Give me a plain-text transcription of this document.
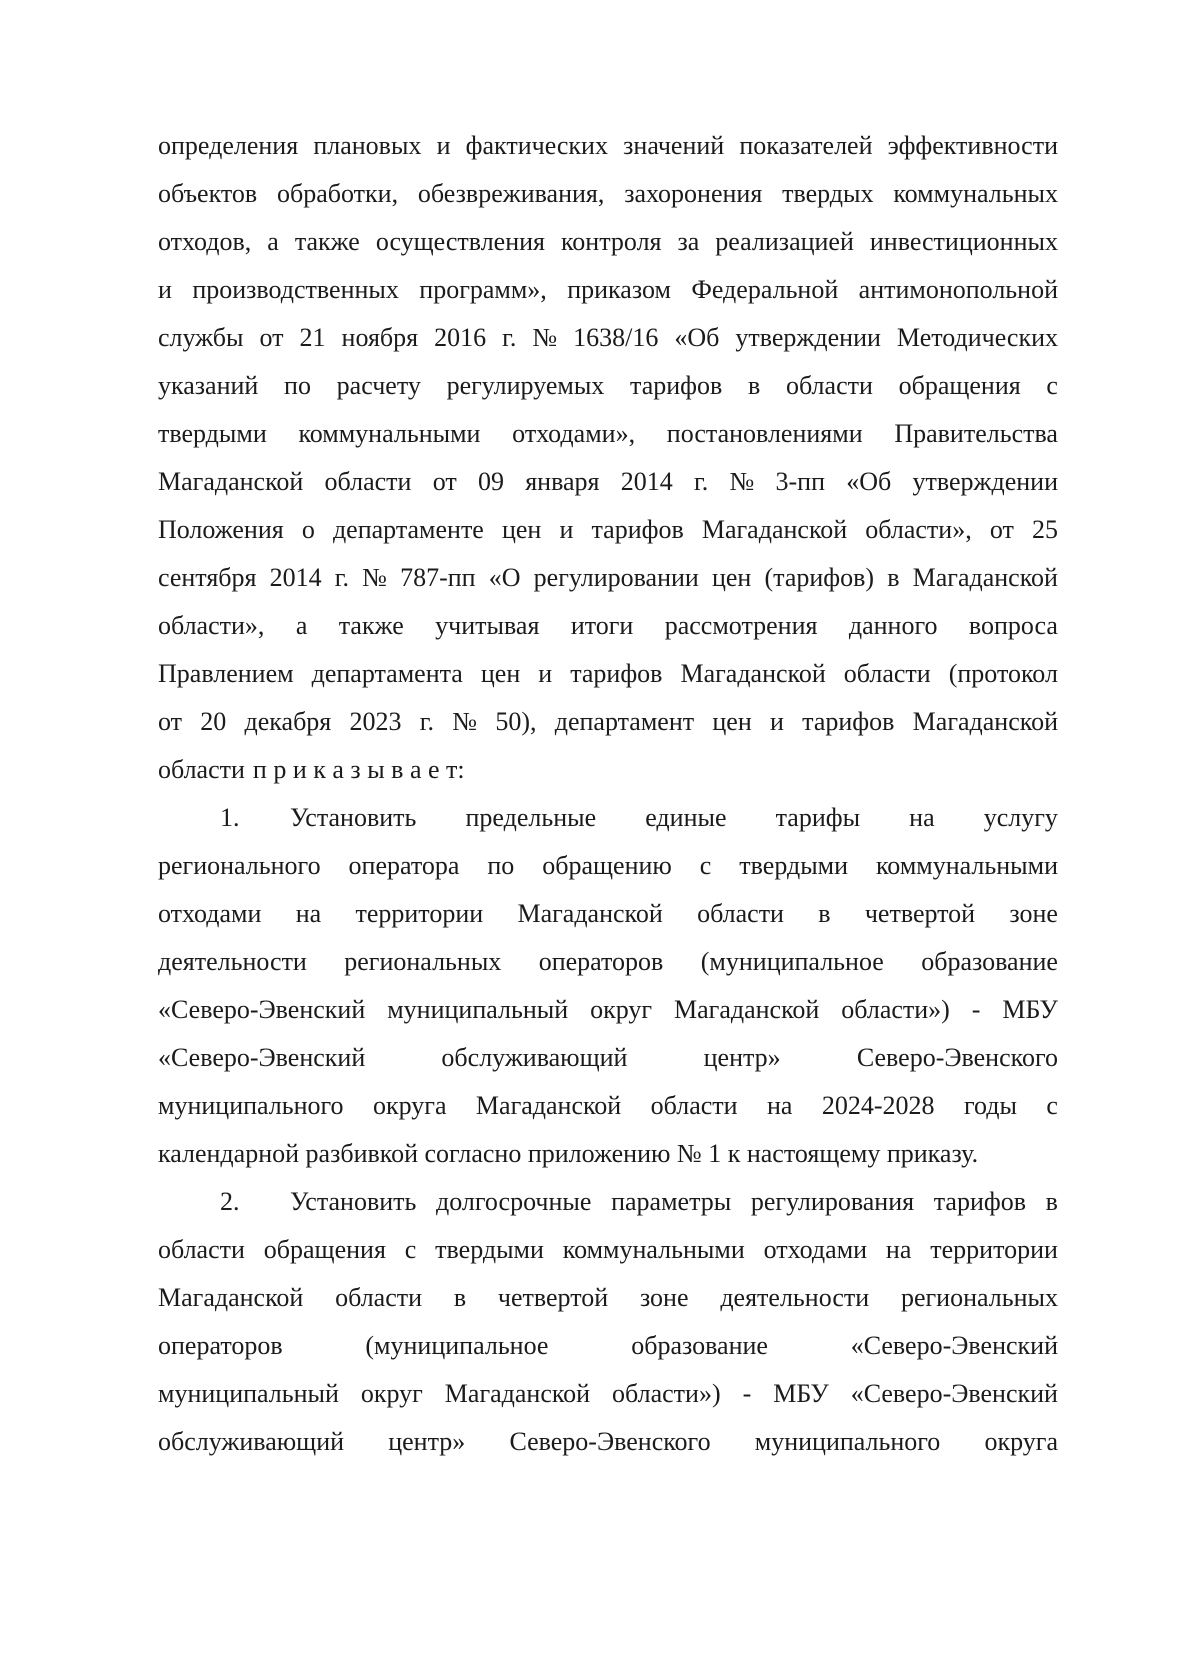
определения плановых и фактических значений показателей эффективности
объектов обработки, обезвреживания, захоронения твердых коммунальных
отходов, а также осуществления контроля за реализацией инвестиционных
и производственных программ», приказом Федеральной антимонопольной
службы от 21 ноября 2016 г. № 1638/16 «Об утверждении Методических
указаний по расчету регулируемых тарифов в области обращения с
твердыми коммунальными отходами», постановлениями Правительства
Магаданской области от 09 января 2014 г. № 3-пп «Об утверждении
Положения о департаменте цен и тарифов Магаданской области», от 25
сентября 2014 г. № 787-пп «О регулировании цен (тарифов) в Магаданской
области», а также учитывая итоги рассмотрения данного вопроса
Правлением департамента цен и тарифов Магаданской области (протокол
от 20 декабря 2023 г. № 50), департамент цен и тарифов Магаданской
области п р и к а з ы в а е т:
1.	Установить предельные единые тарифы на услугу
регионального оператора по обращению с твердыми коммунальными
отходами на территории Магаданской области в четвертой зоне
деятельности региональных операторов (муниципальное образование
«Северо-Эвенский муниципальный округ Магаданской области») - МБУ
«Северо-Эвенский	обслуживающий	центр»	Северо-Эвенского
муниципального округа Магаданской области на 2024-2028 годы с
календарной разбивкой согласно приложению № 1 к настоящему приказу.
2.	Установить долгосрочные параметры регулирования тарифов в
области обращения с твердыми коммунальными отходами на территории
Магаданской области в четвертой зоне деятельности региональных
операторов	(муниципальное	образование	«Северо-Эвенский
муниципальный округ Магаданской области») - МБУ «Северо-Эвенский
обслуживающий центр» Северо-Эвенского муниципального округа
